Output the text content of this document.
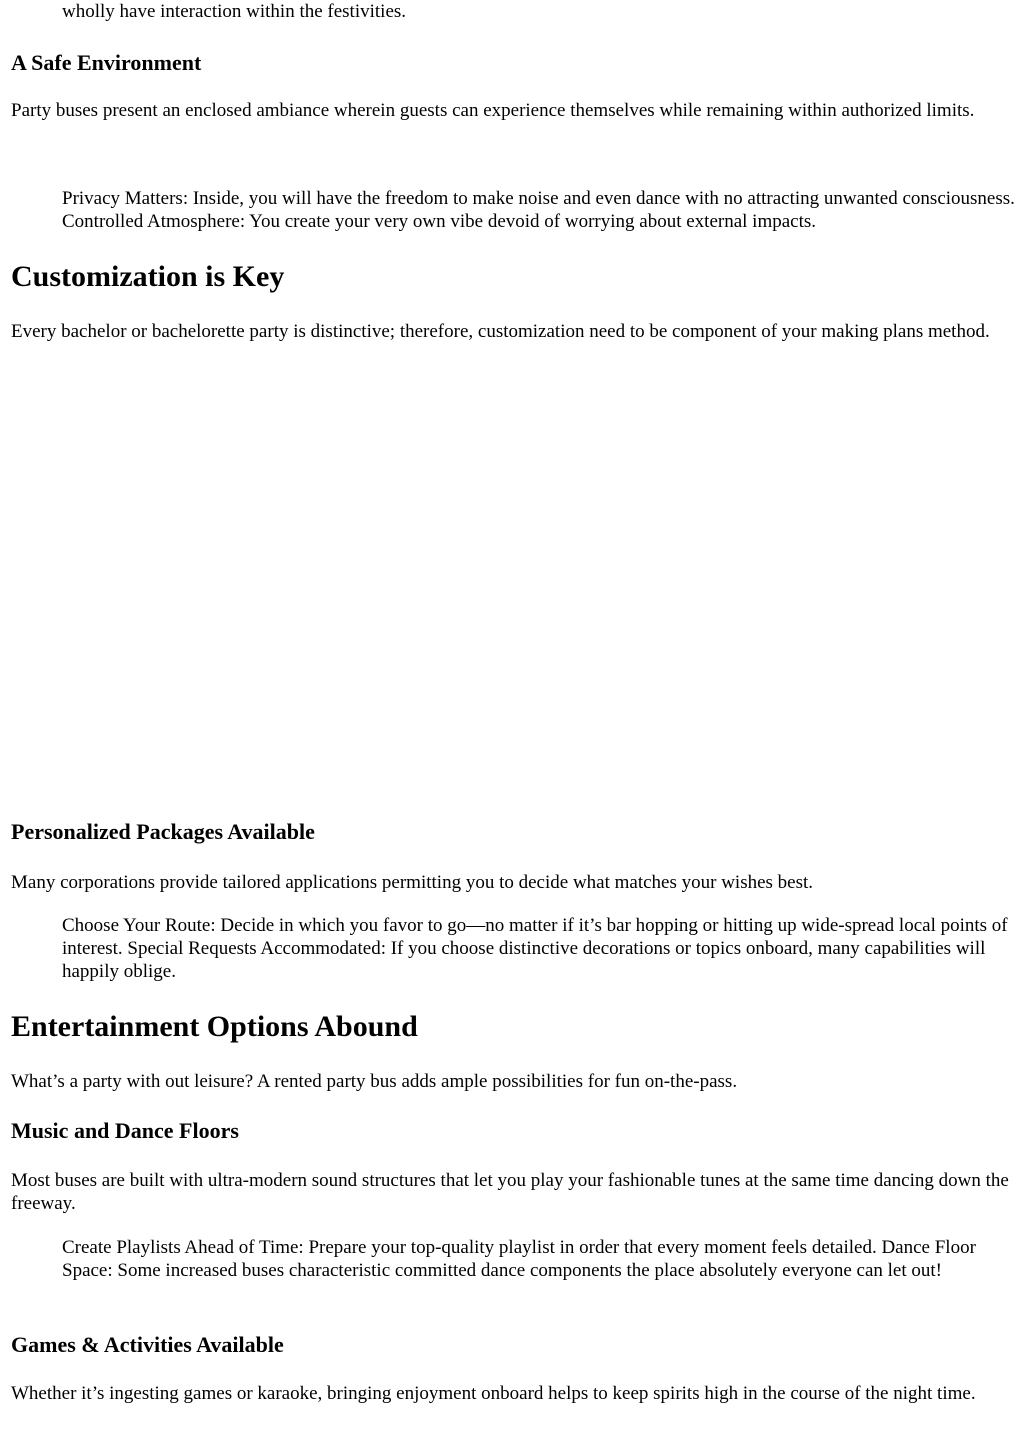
wholly have interaction within the festivities.
A Safe Environment

Party buses present an enclosed ambiance wherein guests can experience themselves while remaining within authorized limits.

Privacy Matters: Inside, you will have the freedom to make noise and even dance with no attracting unwanted consciousness. Controlled Atmosphere: You create your very own vibe devoid of worrying about external impacts.
Customization is Key

Every bachelor or bachelorette party is distinctive; therefore, customization need to be component of your making plans method.

Personalized Packages Available

Many corporations provide tailored applications permitting you to decide what matches your wishes best.

Choose Your Route: Decide in which you favor to go—no matter if it’s bar hopping or hitting up wide-spread local points of interest. Special Requests Accommodated: If you choose distinctive decorations or topics onboard, many capabilities will happily oblige.
Entertainment Options Abound

What’s a party with out leisure? A rented party bus adds ample possibilities for fun on-the-pass.

Music and Dance Floors

Most buses are built with ultra-modern sound structures that let you play your fashionable tunes at the same time dancing down the freeway.

Create Playlists Ahead of Time: Prepare your top-quality playlist in order that every moment feels detailed. Dance Floor Space: Some increased buses characteristic committed dance components the place absolutely everyone can let out!
Games & Activities Available

Whether it’s ingesting games or karaoke, bringing enjoyment onboard helps to keep spirits high in the course of the night time.
